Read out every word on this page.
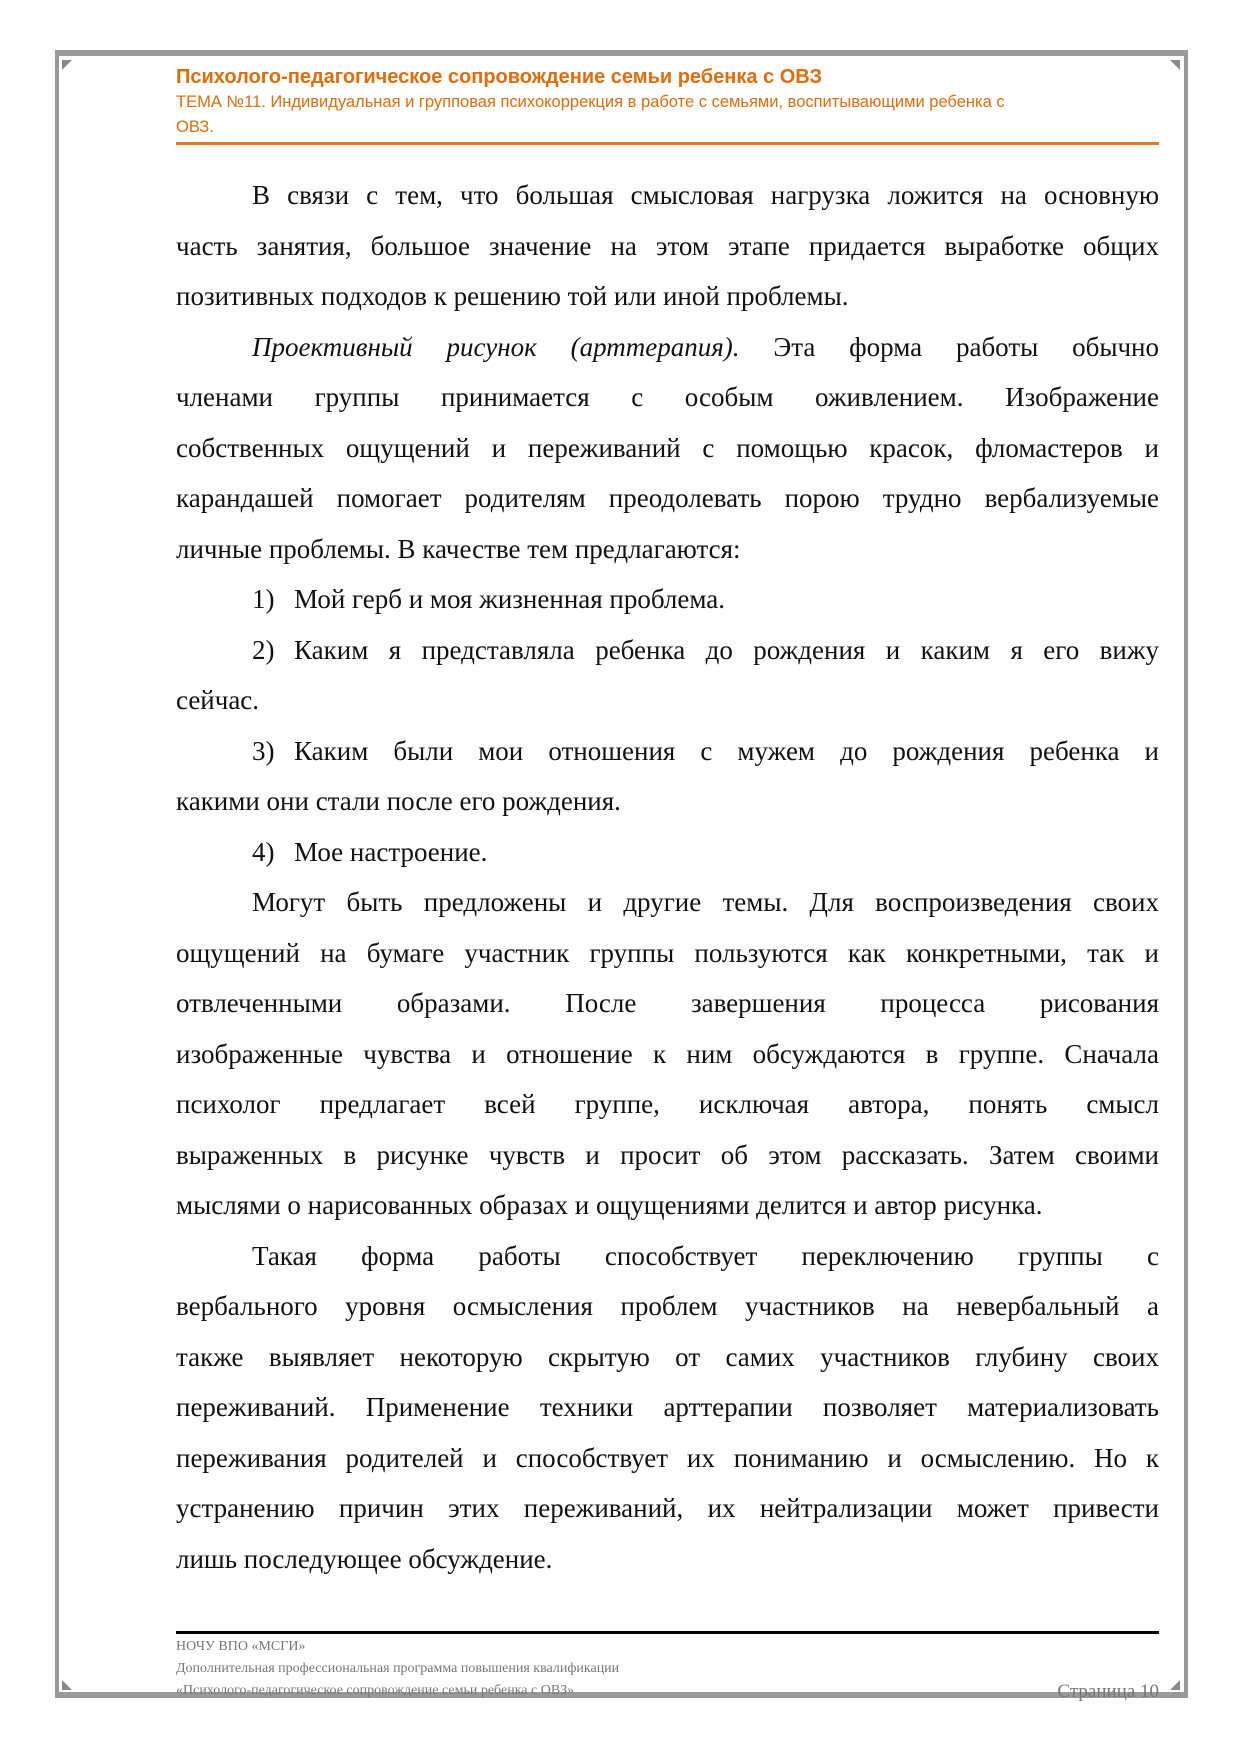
Психолого-педагогическое сопровождение семьи ребенка с ОВЗ
ТЕМА №11. Индивидуальная и групповая психокоррекция в работе с семьями, воспитывающими ребенка с
ОВЗ.
В связи с тем, что большая смысловая нагрузка ложится на основную
часть занятия, большое значение на этом этапе придается выработке общих
позитивных подходов к решению той или иной проблемы.
Проективный рисунок (арттерапия). Эта форма работы обычно
членами группы принимается с особым оживлением. Изображение
собственных ощущений и переживаний с помощью красок, фломастеров и
карандашей помогает родителям преодолевать порою трудно вербализуемые
личные проблемы. В качестве тем предлагаются:
1) Мой герб и моя жизненная проблема.
2) Каким я представляла ребенка до рождения и каким я его вижу
сейчас.
3) Каким были мои отношения с мужем до рождения ребенка и
какими они стали после его рождения.
4) Мое настроение.
Могут быть предложены и другие темы. Для воспроизведения своих
ощущений на бумаге участник группы пользуются как конкретными, так и
отвлеченными образами. После завершения процесса рисования
изображенные чувства и отношение к ним обсуждаются в группе. Сначала
психолог предлагает всей группе, исключая автора, понять смысл
выраженных в рисунке чувств и просит об этом рассказать. Затем своими
мыслями о нарисованных образах и ощущениями делится и автор рисунка.
Такая форма работы способствует переключению группы с
вербального уровня осмысления проблем участников на невербальный а
также выявляет некоторую скрытую от самих участников глубину своих
переживаний. Применение техники арттерапии позволяет материализовать
переживания родителей и способствует их пониманию и осмыслению. Но к
устранению причин этих переживаний, их нейтрализации может привести
лишь последующее обсуждение.
НОЧУ ВПО «МСГИ»
Дополнительная профессиональная программа повышения квалификации
«Психолого-педагогическое сопровождение семьи ребенка с ОВЗ»	Страница 10
